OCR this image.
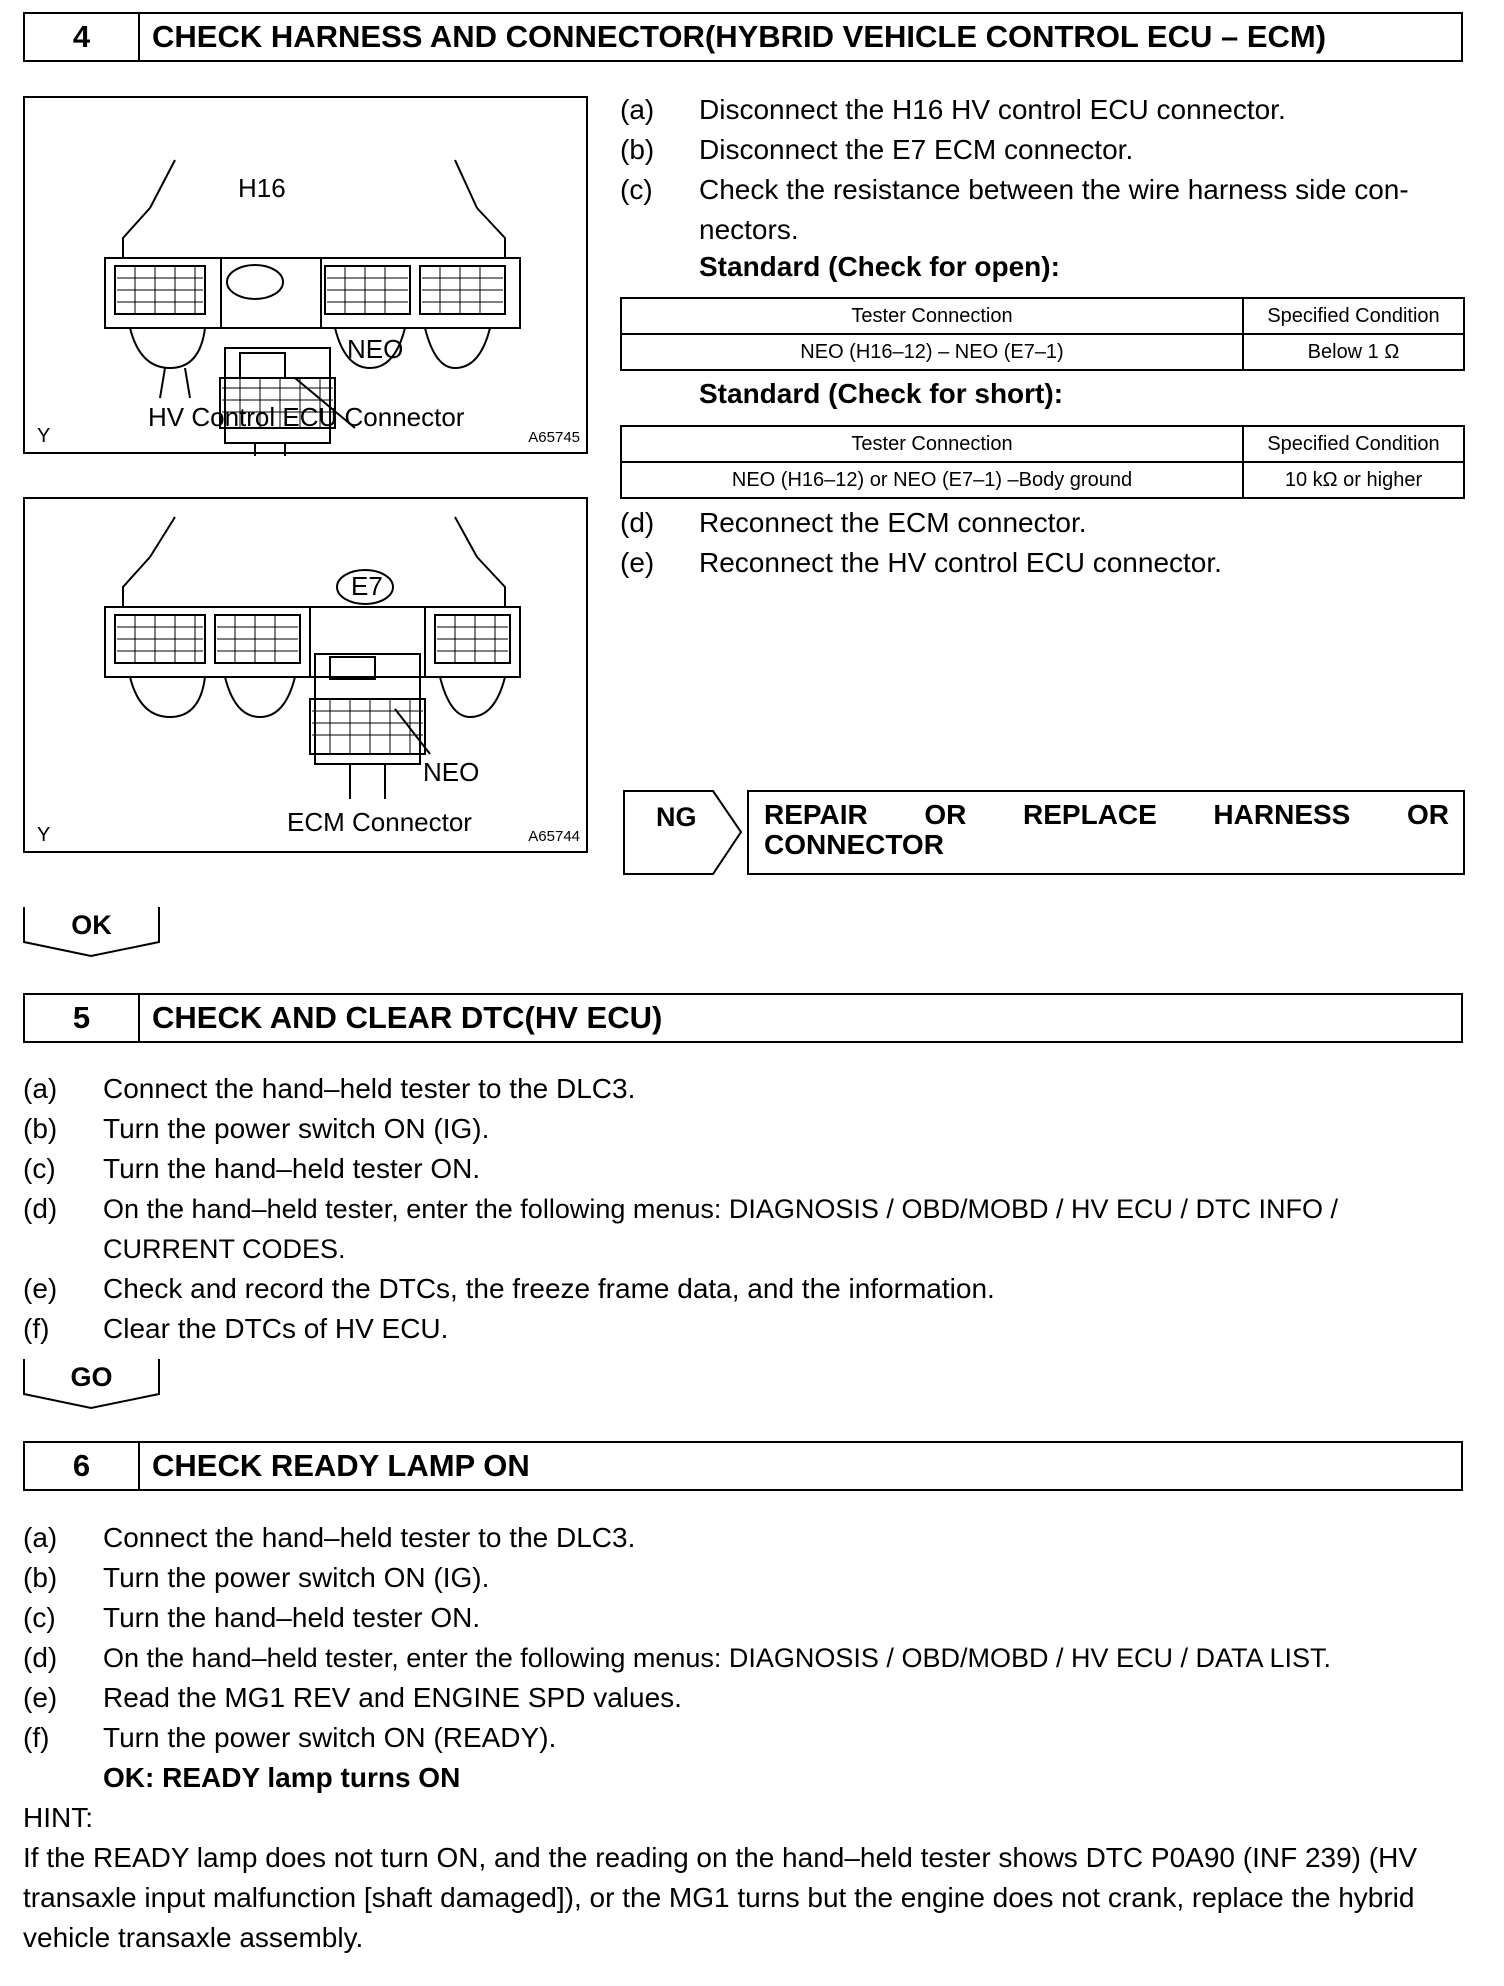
4	CHECK HARNESS AND CONNECTOR(HYBRID VEHICLE CONTROL ECU – ECM)
H16
NEO
HV Control ECU Connector
Y	A65745
E7
NEO
ECM Connector
Y	A65744
(a)	Disconnect the H16 HV control ECU connector.
(b)	Disconnect the E7 ECM connector.
(c)	Check the resistance between the wire harness side con-nectors.
Standard (Check for open):
Tester Connection	Specified Condition
NEO (H16–12) – NEO (E7–1)	Below 1 Ω
Standard (Check for short):
Tester Connection	Specified Condition
NEO (H16–12) or NEO (E7–1) –Body ground	10 kΩ or higher
(d)	Reconnect the ECM connector.
(e)	Reconnect the HV control ECU connector.
NG REPAIR OR REPLACE HARNESS OR CONNECTOR
OK
5	CHECK AND CLEAR DTC(HV ECU)
(a)	Connect the hand–held tester to the DLC3.
(b)	Turn the power switch ON (IG).
(c)	Turn the hand–held tester ON.
(d)	On the hand–held tester, enter the following menus: DIAGNOSIS / OBD/MOBD / HV ECU / DTC INFO / CURRENT CODES.
(e)	Check and record the DTCs, the freeze frame data, and the information.
(f)	Clear the DTCs of HV ECU.
GO
6	CHECK READY LAMP ON
(a)	Connect the hand–held tester to the DLC3.
(b)	Turn the power switch ON (IG).
(c)	Turn the hand–held tester ON.
(d)	On the hand–held tester, enter the following menus: DIAGNOSIS / OBD/MOBD / HV ECU / DATA LIST.
(e)	Read the MG1 REV and ENGINE SPD values.
(f)	Turn the power switch ON (READY).
OK: READY lamp turns ON
HINT:
If the READY lamp does not turn ON, and the reading on the hand–held tester shows DTC P0A90 (INF 239) (HV transaxle input malfunction [shaft damaged]), or the MG1 turns but the engine does not crank, replace the hybrid vehicle transaxle assembly.
